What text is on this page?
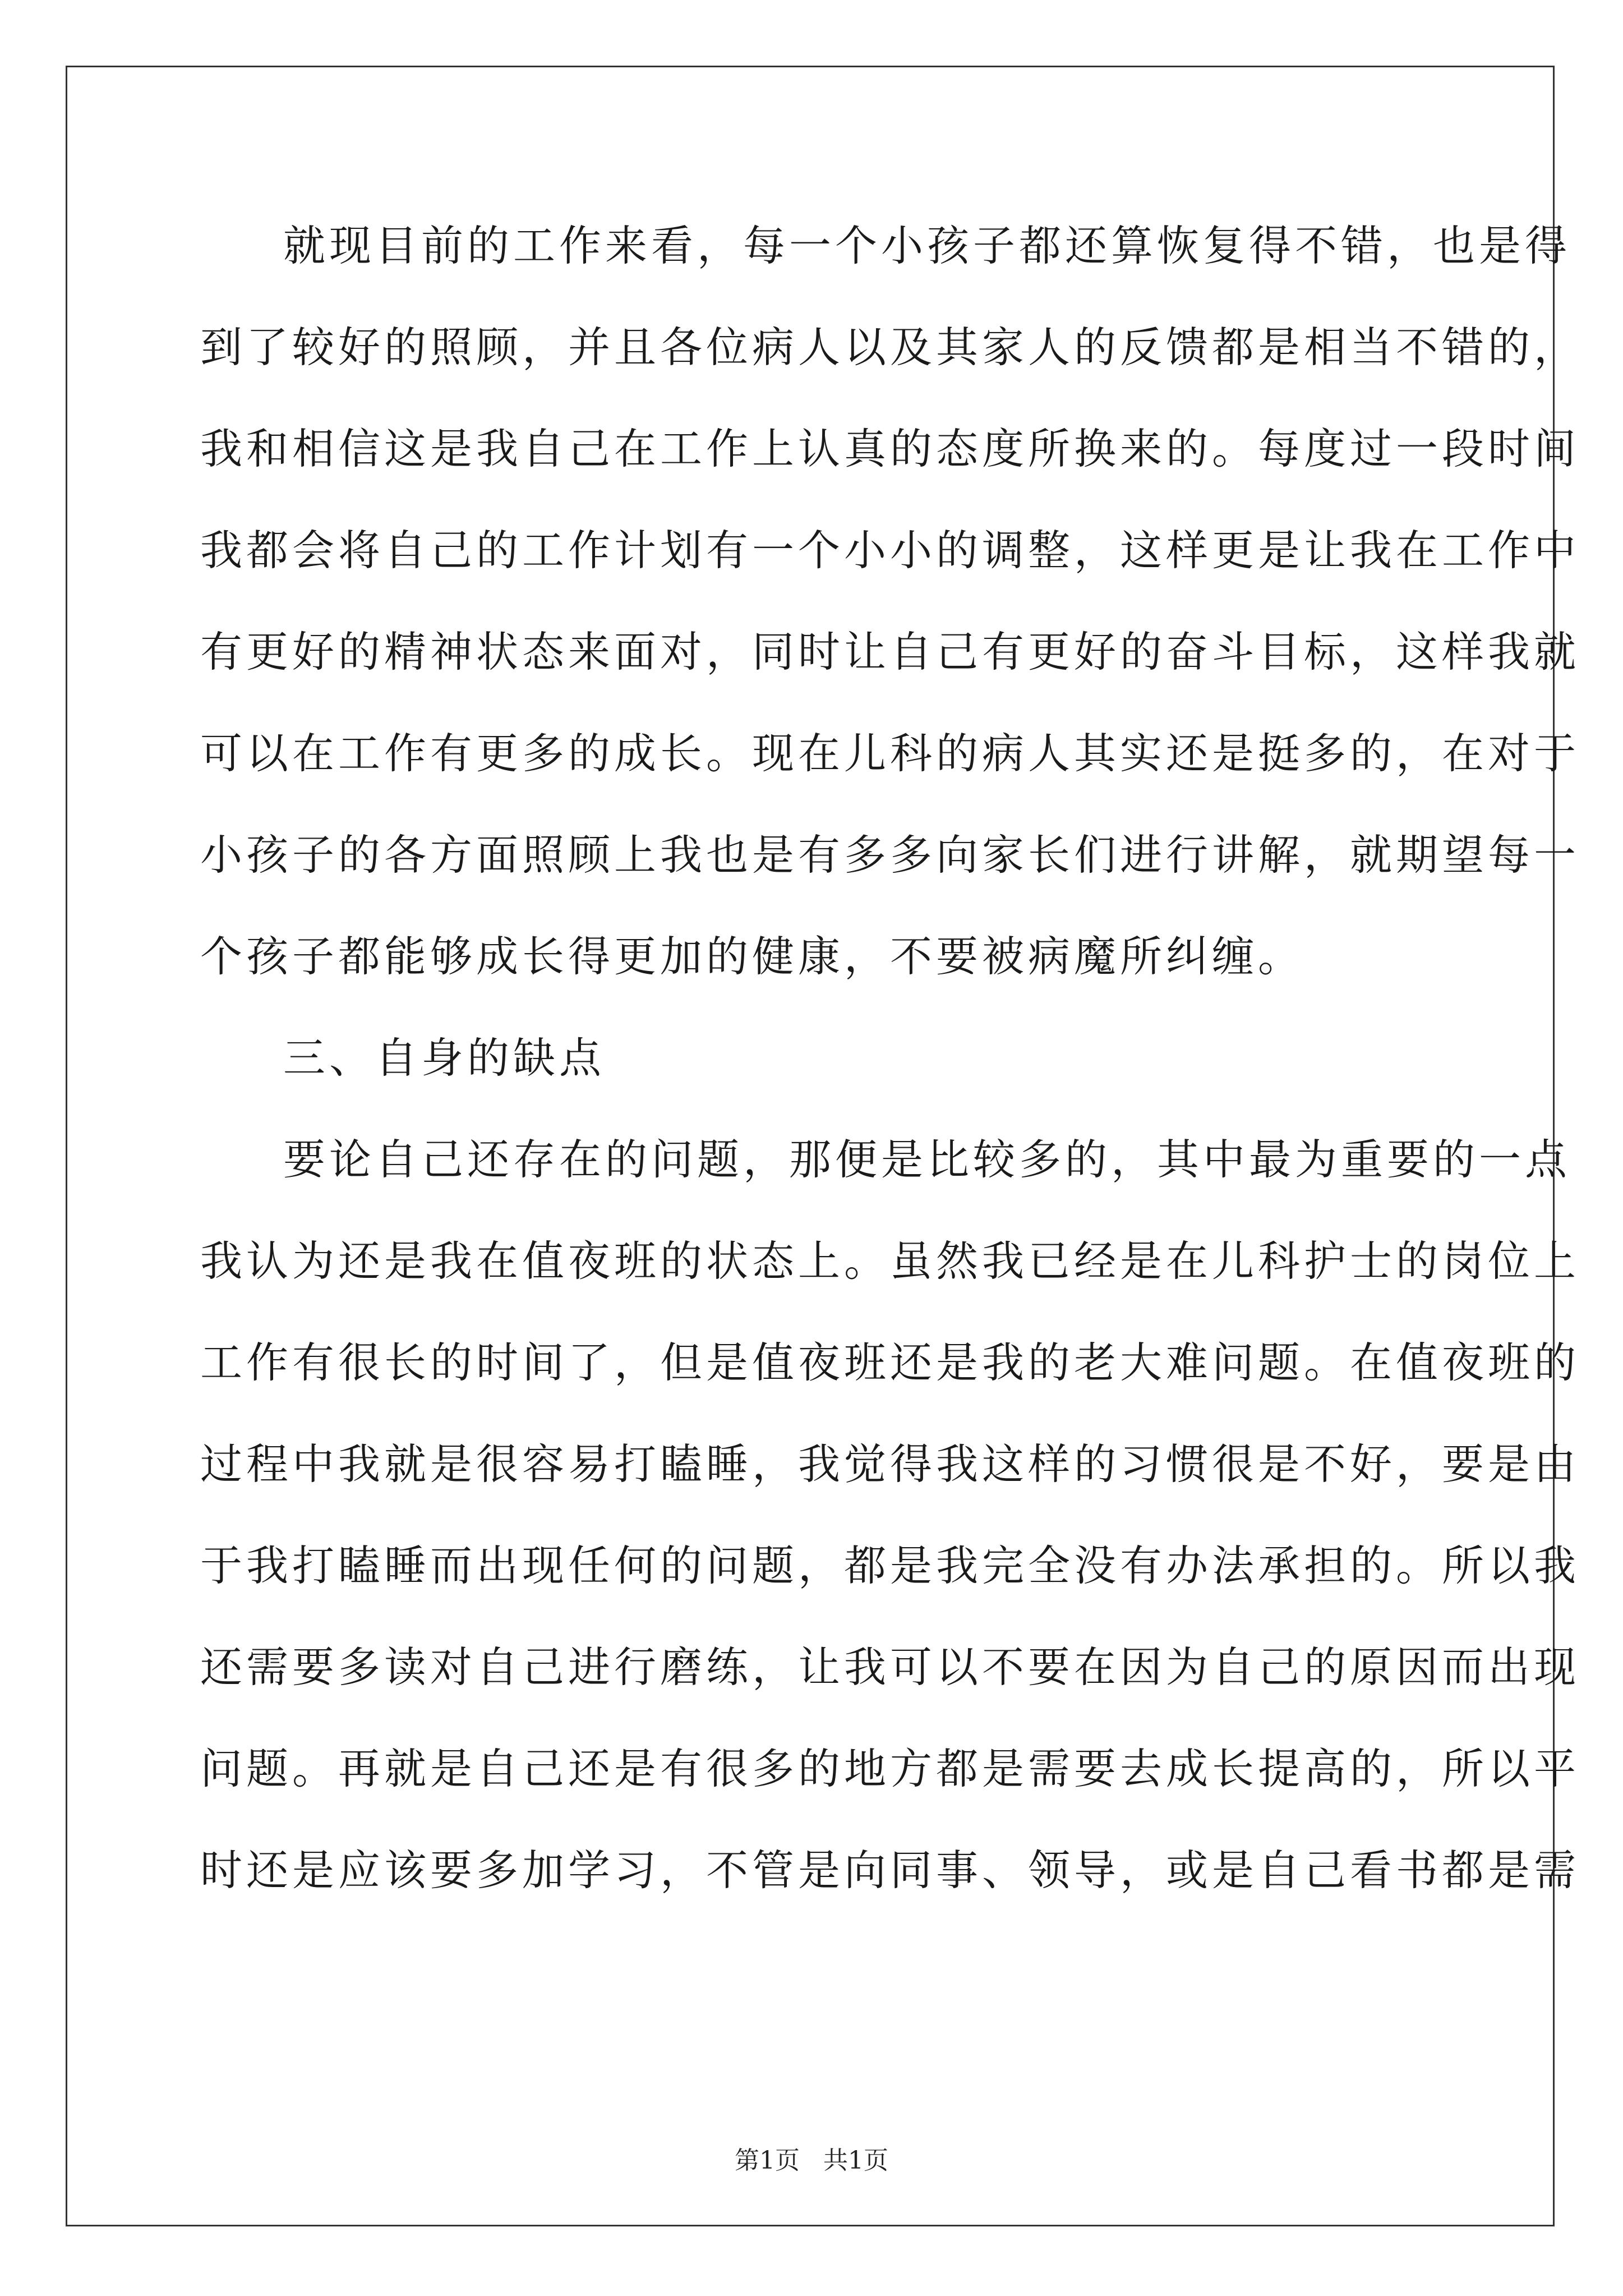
就现目前的工作来看，每一个小孩子都还算恢复得不错，也是得
到了较好的照顾，并且各位病人以及其家人的反馈都是相当不错的，
我和相信这是我自己在工作上认真的态度所换来的。每度过一段时间
我都会将自己的工作计划有一个小小的调整，这样更是让我在工作中
有更好的精神状态来面对，同时让自己有更好的奋斗目标，这样我就
可以在工作有更多的成长。现在儿科的病人其实还是挺多的，在对于
小孩子的各方面照顾上我也是有多多向家长们进行讲解，就期望每一
个孩子都能够成长得更加的健康，不要被病魔所纠缠。
三、自身的缺点
要论自己还存在的问题，那便是比较多的，其中最为重要的一点
我认为还是我在值夜班的状态上。虽然我已经是在儿科护士的岗位上
工作有很长的时间了，但是值夜班还是我的老大难问题。在值夜班的
过程中我就是很容易打瞌睡，我觉得我这样的习惯很是不好，要是由
于我打瞌睡而出现任何的问题，都是我完全没有办法承担的。所以我
还需要多读对自己进行磨练，让我可以不要在因为自己的原因而出现
问题。再就是自己还是有很多的地方都是需要去成长提高的，所以平
时还是应该要多加学习，不管是向同事、领导，或是自己看书都是需
第1页   共1页
